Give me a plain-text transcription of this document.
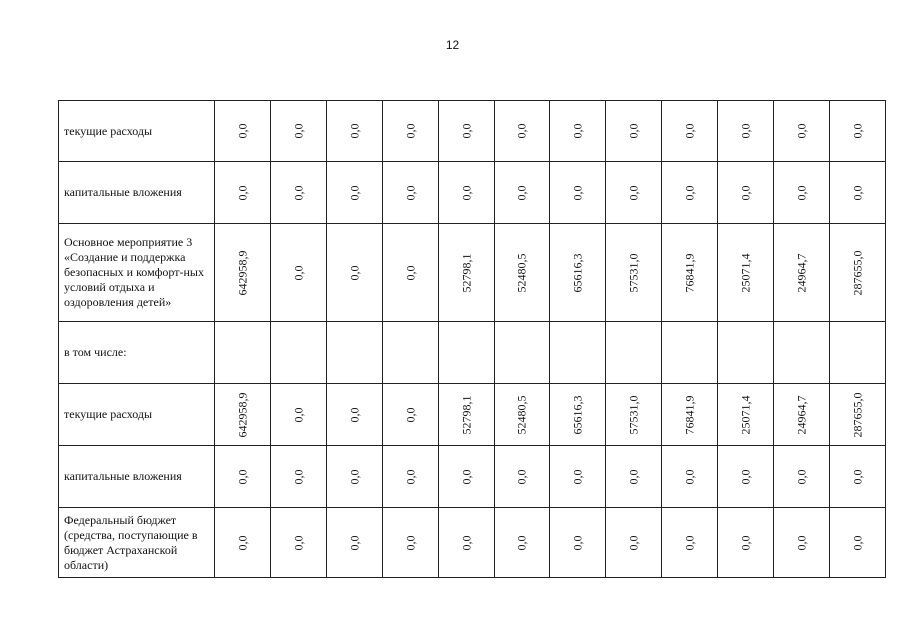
12
текущие расходы	0,0	0,0	0,0	0,0	0,0	0,0	0,0	0,0	0,0	0,0	0,0	0,0
капитальные вложения	0,0	0,0	0,0	0,0	0,0	0,0	0,0	0,0	0,0	0,0	0,0	0,0
Основное мероприятие 3 «Создание и поддержка безопасных и комфорт-ных условий отдыха и оздоровления детей»	642958,9	0,0	0,0	0,0	52798,1	52480,5	65616,3	57531,0	76841,9	25071,4	24964,7	287655,0
в том числе:												
текущие расходы	642958,9	0,0	0,0	0,0	52798,1	52480,5	65616,3	57531,0	76841,9	25071,4	24964,7	287655,0
капитальные вложения	0,0	0,0	0,0	0,0	0,0	0,0	0,0	0,0	0,0	0,0	0,0	0,0
Федеральный бюджет (средства, поступающие в бюджет Астраханской области)	0,0	0,0	0,0	0,0	0,0	0,0	0,0	0,0	0,0	0,0	0,0	0,0
